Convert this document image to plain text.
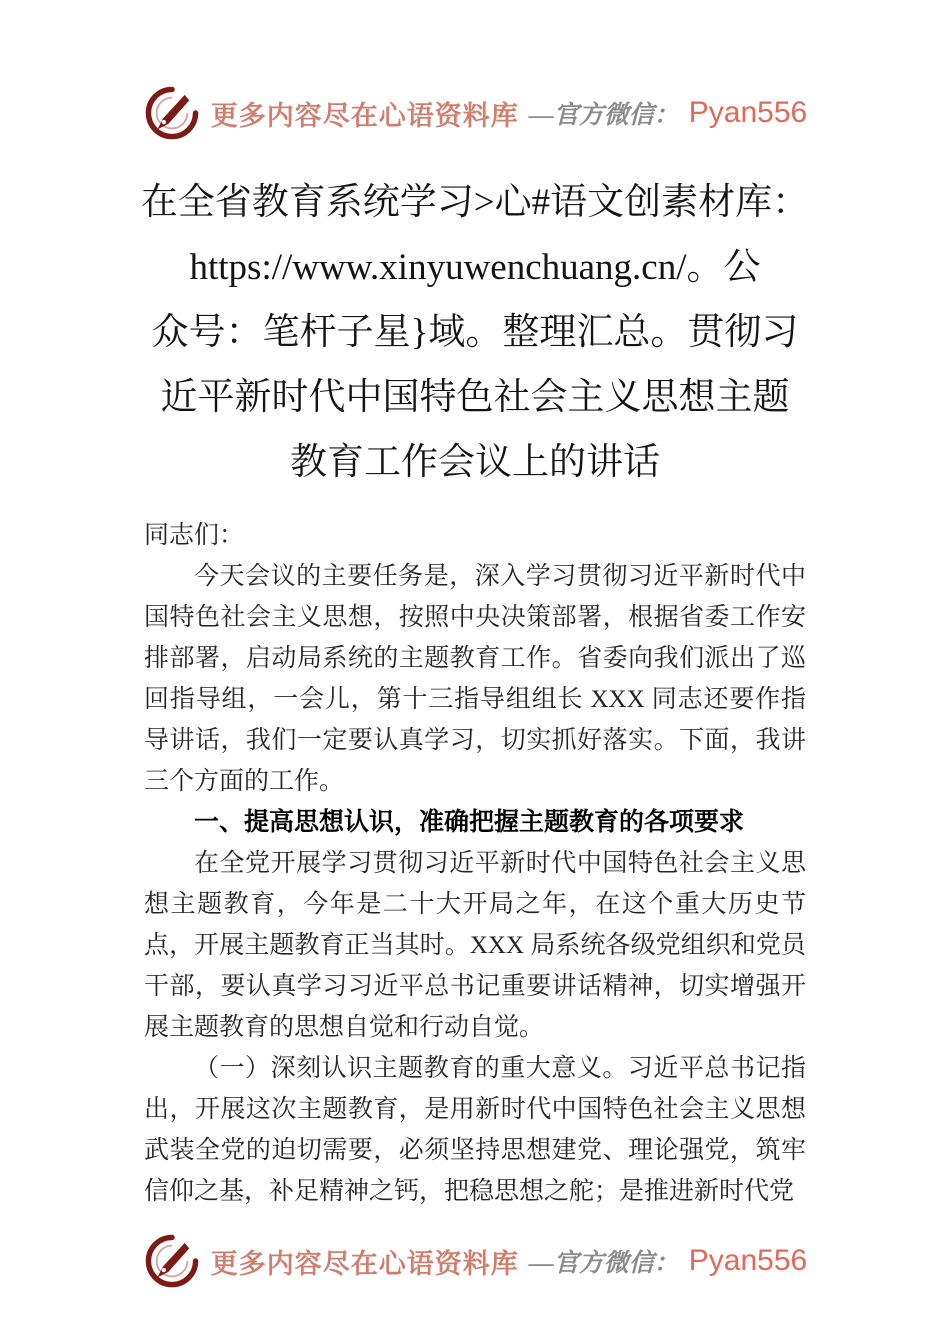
更多内容尽在心语资料库 —官方微信： Pyan556
在全省教育系统学习>心#语文创素材库：
https://www.xinyuwenchuang.cn/。公
众号：笔杆子星}域。整理汇总。贯彻习
近平新时代中国特色社会主义思想主题
教育工作会议上的讲话

同志们：

今天会议的主要任务是，深入学习贯彻习近平新时代中国特色社会主义思想，按照中央决策部署，根据省委工作安排部署，启动局系统的主题教育工作。省委向我们派出了巡回指导组，一会儿，第十三指导组组长 XXX 同志还要作指导讲话，我们一定要认真学习，切实抓好落实。下面，我讲三个方面的工作。

一、提高思想认识，准确把握主题教育的各项要求

在全党开展学习贯彻习近平新时代中国特色社会主义思想主题教育，今年是二十大开局之年，在这个重大历史节点，开展主题教育正当其时。XXX 局系统各级党组织和党员干部，要认真学习习近平总书记重要讲话精神，切实增强开展主题教育的思想自觉和行动自觉。

（一）深刻认识主题教育的重大意义。习近平总书记指出，开展这次主题教育，是用新时代中国特色社会主义思想武装全党的迫切需要，必须坚持思想建党、理论强党，筑牢信仰之基，补足精神之钙，把稳思想之舵；是推进新时代党

更多内容尽在心语资料库 —官方微信： Pyan556
